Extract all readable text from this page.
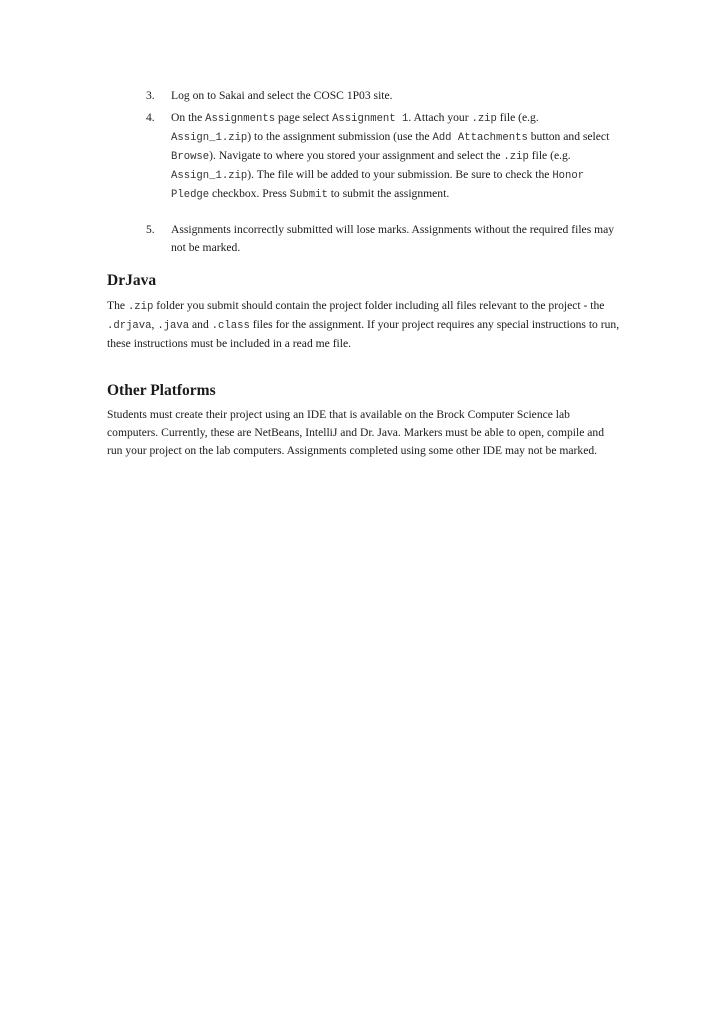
3.	Log on to Sakai and select the COSC 1P03 site.
4.	On the Assignments page select Assignment 1. Attach your .zip file (e.g. Assign_1.zip) to the assignment submission (use the Add Attachments button and select Browse). Navigate to where you stored your assignment and select the .zip file (e.g. Assign_1.zip). The file will be added to your submission. Be sure to check the Honor Pledge checkbox. Press Submit to submit the assignment.
5.	Assignments incorrectly submitted will lose marks. Assignments without the required files may not be marked.
DrJava
The .zip folder you submit should contain the project folder including all files relevant to the project - the .drjava, .java and .class files for the assignment. If your project requires any special instructions to run, these instructions must be included in a read me file.
Other Platforms
Students must create their project using an IDE that is available on the Brock Computer Science lab computers. Currently, these are NetBeans, IntelliJ and Dr. Java. Markers must be able to open, compile and run your project on the lab computers. Assignments completed using some other IDE may not be marked.
